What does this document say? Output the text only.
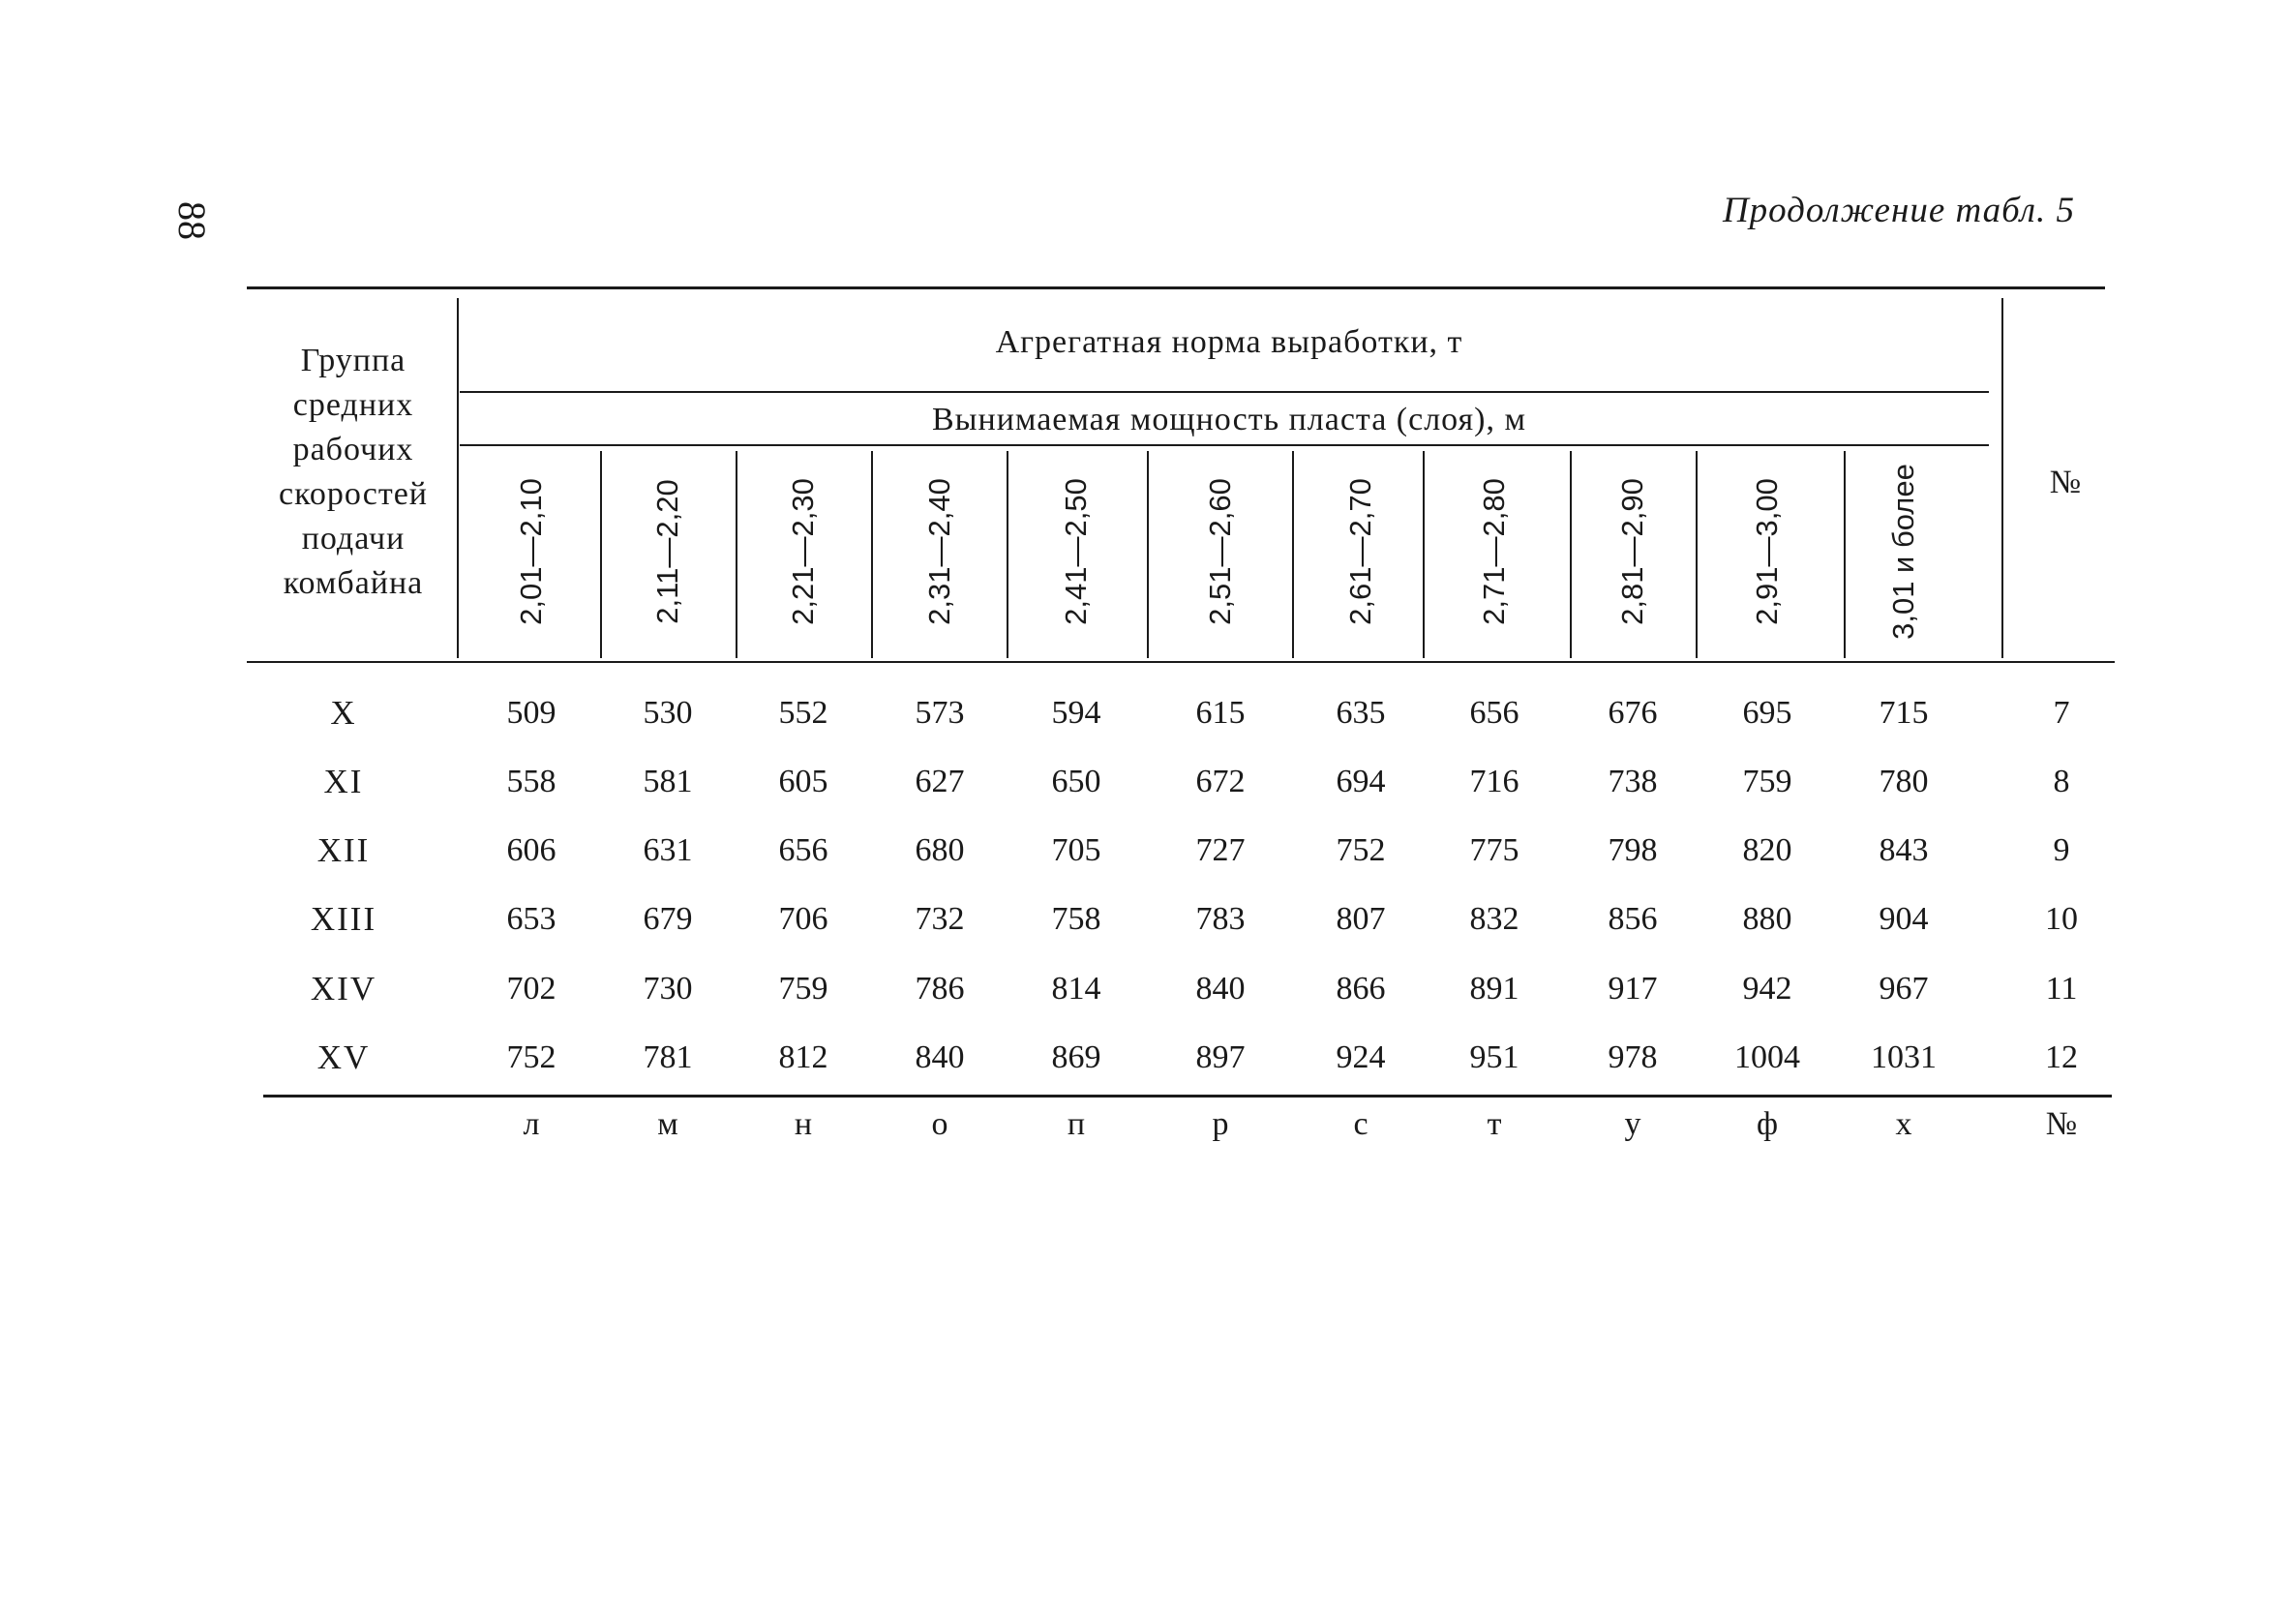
88	Продолжение табл. 5
Группа
средних
рабочих
скоростей
подачи
комбайна
Агрегатная норма выработки, т
Вынимаемая мощность пласта (слоя), м
№
2,01—2,10	2,11—2,20	2,21—2,30	2,31—2,40	2,41—2,50	2,51—2,60	2,61—2,70	2,71—2,80	2,81—2,90	2,91—3,00	3,01 и более
X	509	530	552	573	594	615	635	656	676	695	715	7
XI	558	581	605	627	650	672	694	716	738	759	780	8
XII	606	631	656	680	705	727	752	775	798	820	843	9
XIII	653	679	706	732	758	783	807	832	856	880	904	10
XIV	702	730	759	786	814	840	866	891	917	942	967	11
XV	752	781	812	840	869	897	924	951	978	1004	1031	12
л	м	н	о	п	р	с	т	у	ф	х	№
